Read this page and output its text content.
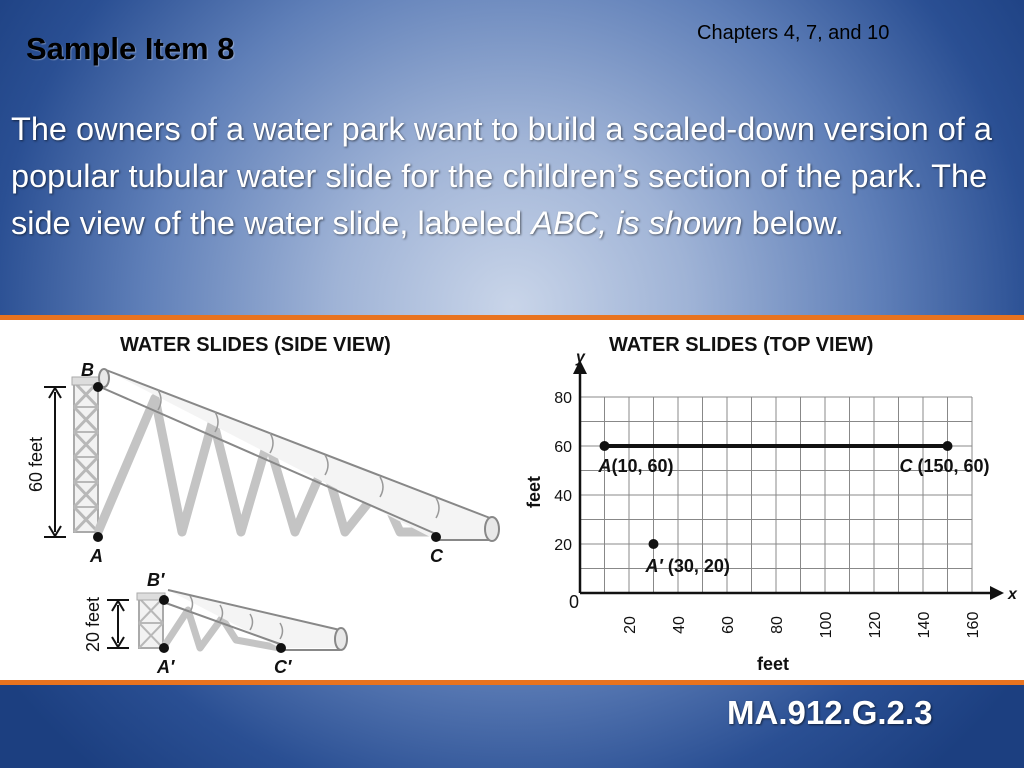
Chapters 4, 7, and 10
Sample Item 8
The owners of a water park want to build a scaled-down version of a popular tubular water slide for the children’s section of the park. The side view of the water slide, labeled ABC, is shown below.
WATER SLIDES (SIDE VIEW)
B
A	C
60 feet
B′
A′	C′
20 feet
WATER SLIDES (TOP VIEW)
x
y
0
20 40 60 80 100 120 140 160
20
40
60
80
feet
feet
A(10, 60)	C (150, 60)
A′ (30, 20)
MA.912.G.2.3
